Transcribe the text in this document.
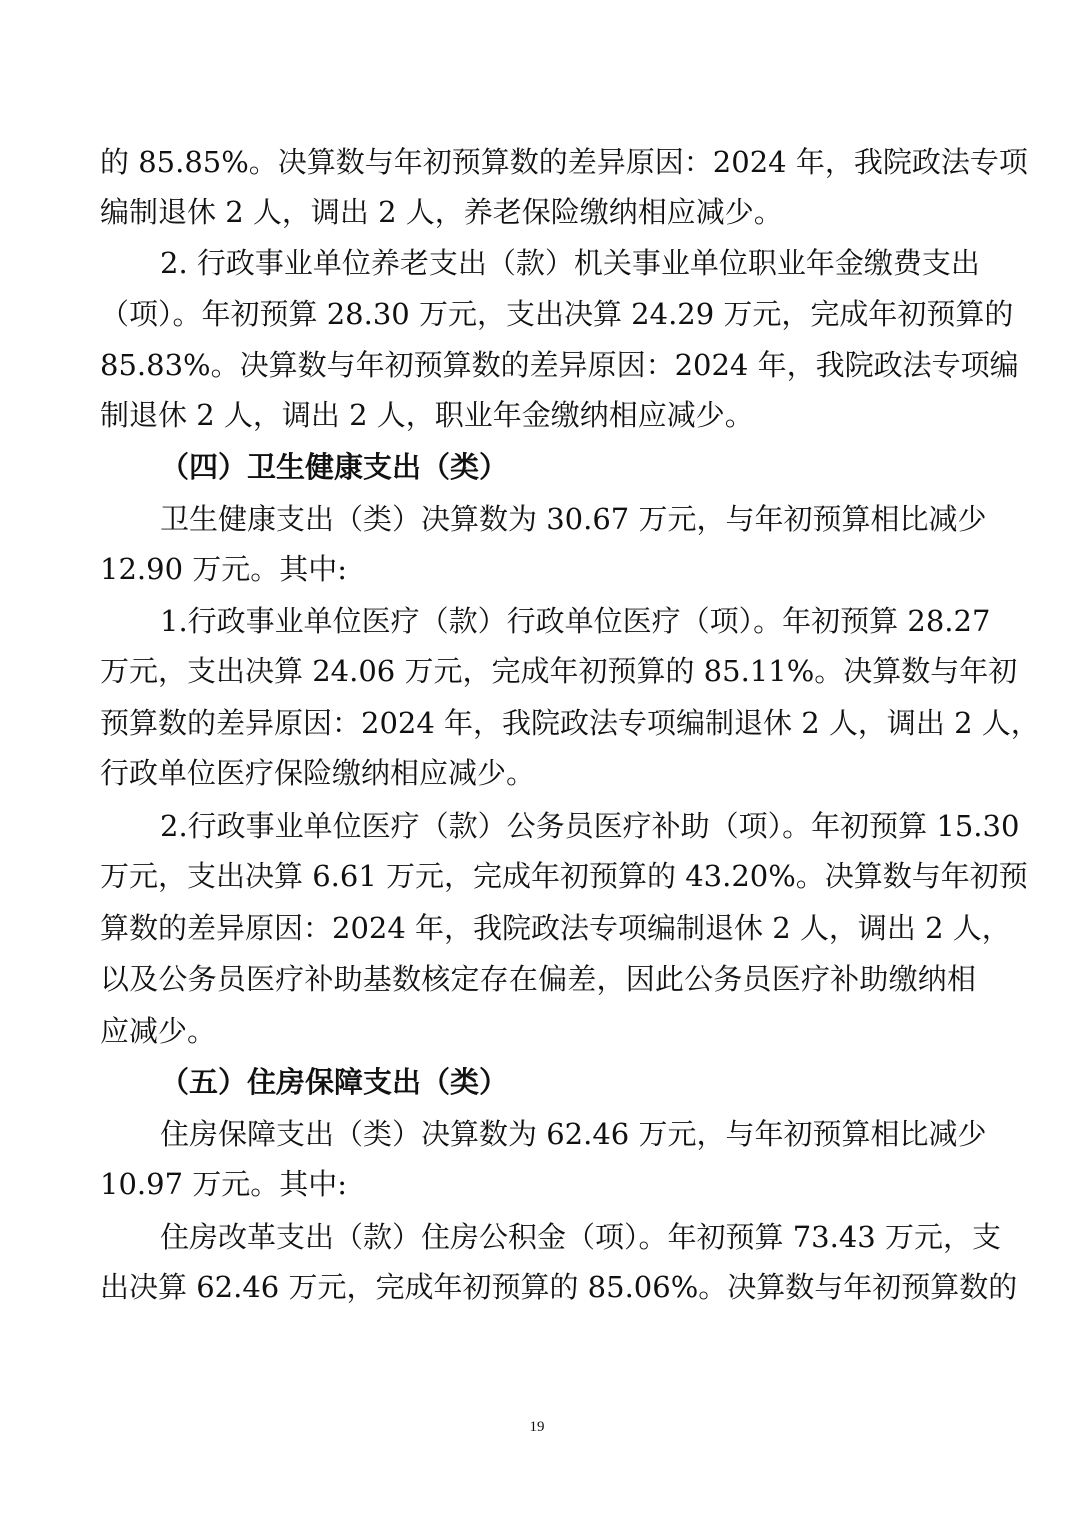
的 85.85%。决算数与年初预算数的差异原因：2024 年，我院政法专项
编制退休 2 人，调出 2 人，养老保险缴纳相应减少。
2. 行政事业单位养老支出（款）机关事业单位职业年金缴费支出
（项）。年初预算 28.30 万元，支出决算 24.29 万元，完成年初预算的
85.83%。决算数与年初预算数的差异原因：2024 年，我院政法专项编
制退休 2 人，调出 2 人，职业年金缴纳相应减少。
（四）卫生健康支出（类）
卫生健康支出（类）决算数为 30.67 万元，与年初预算相比减少
12.90 万元。其中:
1.行政事业单位医疗（款）行政单位医疗（项）。年初预算 28.27
万元，支出决算 24.06 万元，完成年初预算的 85.11%。决算数与年初
预算数的差异原因：2024 年，我院政法专项编制退休 2 人，调出 2 人，
行政单位医疗保险缴纳相应减少。
2.行政事业单位医疗（款）公务员医疗补助（项）。年初预算 15.30
万元，支出决算 6.61 万元，完成年初预算的 43.20%。决算数与年初预
算数的差异原因：2024 年，我院政法专项编制退休 2 人，调出 2 人，
以及公务员医疗补助基数核定存在偏差，因此公务员医疗补助缴纳相
应减少。
（五）住房保障支出（类）
住房保障支出（类）决算数为 62.46 万元，与年初预算相比减少
10.97 万元。其中:
住房改革支出（款）住房公积金（项）。年初预算 73.43 万元，支
出决算 62.46 万元，完成年初预算的 85.06%。决算数与年初预算数的
19
